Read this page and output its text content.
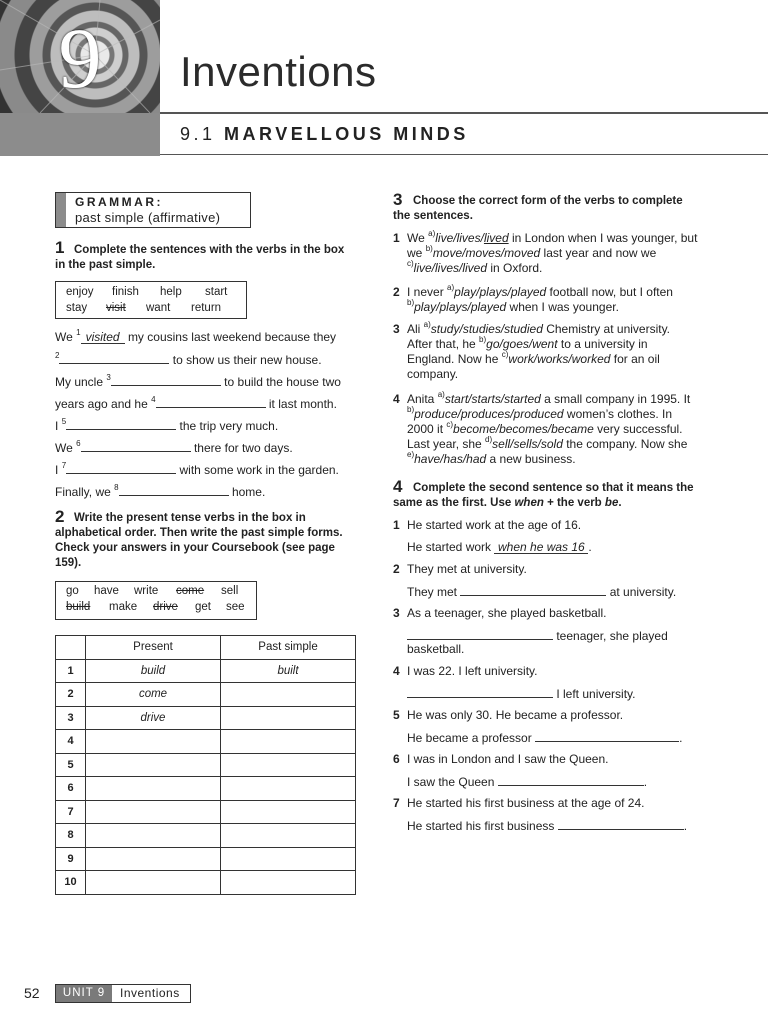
9	Inventions
9.1 MARVELLOUS MINDS
GRAMMAR:
past simple (affirmative)
1 Complete the sentences with the verbs in the box in the past simple.
enjoy finish help start
stay visit want return
We $^1$ visited my cousins last weekend because they
$^2$	to show us their new house.
My uncle $^3$	to build the house two
years ago and he $^4$	it last month.
I $^5$	the trip very much.
We $^6$	there for two days.
I $^7$	with some work in the garden.
Finally, we $^8$	home.
2 Write the present tense verbs in the box in alphabetical order. Then write the past simple forms. Check your answers in your Coursebook (see page 159).
go have write come sell
build make drive get see
	Present	Past simple
1	build	built
2	come	
3	drive	
4		
5		
6		
7		
8		
9		
10		
3 Choose the correct form of the verbs to complete the sentences.
1 We $^{a)}$live/lives/lived in London when I was younger, but we $^{b)}$move/moves/moved last year and now we $^{c)}$live/lives/lived in Oxford.
2 I never $^{a)}$play/plays/played football now, but I often $^{b)}$play/plays/played when I was younger.
3 Ali $^{a)}$study/studies/studied Chemistry at university. After that, he $^{b)}$go/goes/went to a university in England. Now he $^{c)}$work/works/worked for an oil company.
4 Anita $^{a)}$start/starts/started a small company in 1995. It $^{b)}$produce/produces/produced women’s clothes. In 2000 it $^{c)}$become/becomes/became very successful. Last year, she $^{d)}$sell/sells/sold the company. Now she $^{e)}$have/has/had a new business.
4 Complete the second sentence so that it means the same as the first. Use when + the verb be.
1 He started work at the age of 16.
He started work when he was 16 .
2 They met at university.
They met	at university.
3 As a teenager, she played basketball.
teenager, she played
basketball.
4 I was 22. I left university.
I left university.
5 He was only 30. He became a professor.
He became a professor	.
6 I was in London and I saw the Queen.
I saw the Queen	.
7 He started his first business at the age of 24.
He started his first business	.
52	UNIT 9	Inventions
